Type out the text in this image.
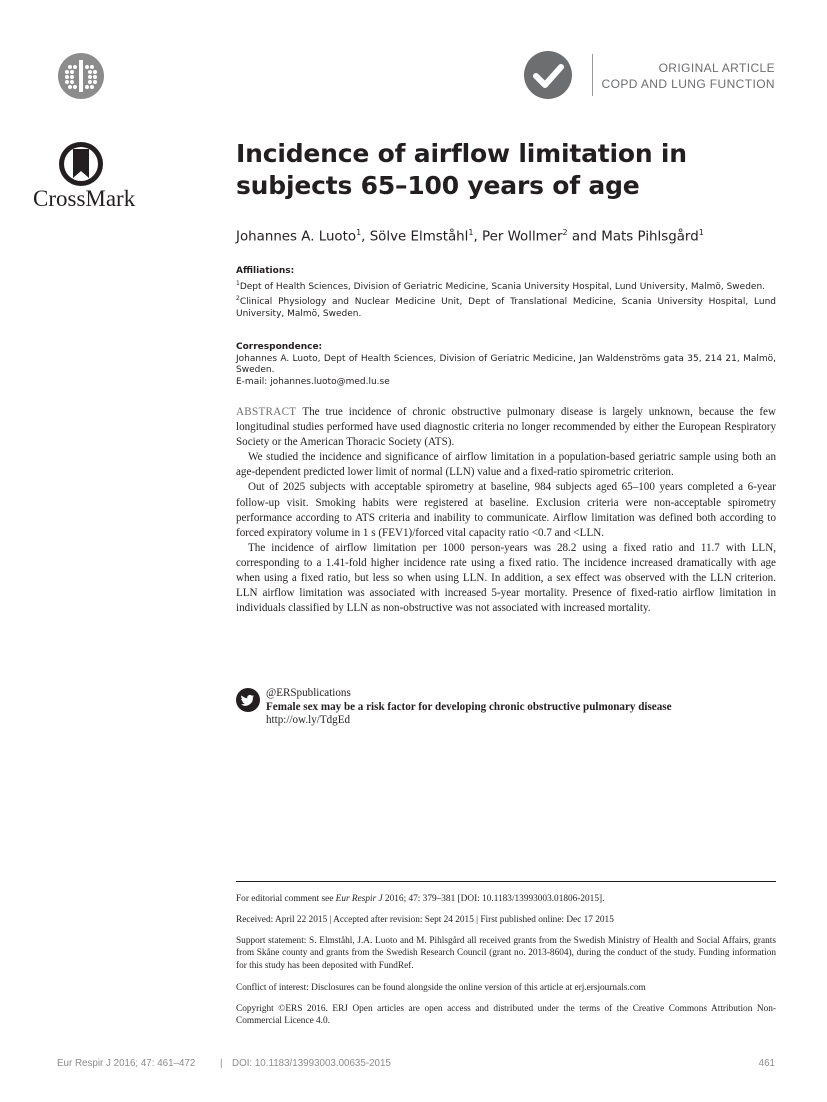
ORIGINAL ARTICLE
COPD AND LUNG FUNCTION
CrossMark
Incidence of airflow limitation in subjects 65–100 years of age
Johannes A. Luoto$^1$, Sölve Elmståhl$^1$, Per Wollmer$^2$ and Mats Pihlsgård$^1$
Affiliations:
$^1$Dept of Health Sciences, Division of Geriatric Medicine, Scania University Hospital, Lund University, Malmö, Sweden.
$^2$Clinical Physiology and Nuclear Medicine Unit, Dept of Translational Medicine, Scania University Hospital, Lund University, Malmö, Sweden.
Correspondence:
Johannes A. Luoto, Dept of Health Sciences, Division of Geriatric Medicine, Jan Waldenströms gata 35, 214 21, Malmö, Sweden.
E-mail: johannes.luoto@med.lu.se

ABSTRACT The true incidence of chronic obstructive pulmonary disease is largely unknown, because the few longitudinal studies performed have used diagnostic criteria no longer recommended by either the European Respiratory Society or the American Thoracic Society (ATS).

We studied the incidence and significance of airflow limitation in a population-based geriatric sample using both an age-dependent predicted lower limit of normal (LLN) value and a fixed-ratio spirometric criterion.

Out of 2025 subjects with acceptable spirometry at baseline, 984 subjects aged 65–100 years completed a 6-year follow-up visit. Smoking habits were registered at baseline. Exclusion criteria were non-acceptable spirometry performance according to ATS criteria and inability to communicate. Airflow limitation was defined both according to forced expiratory volume in 1 s (FEV1)/forced vital capacity ratio <0.7 and <LLN.

The incidence of airflow limitation per 1000 person-years was 28.2 using a fixed ratio and 11.7 with LLN, corresponding to a 1.41-fold higher incidence rate using a fixed ratio. The incidence increased dramatically with age when using a fixed ratio, but less so when using LLN. In addition, a sex effect was observed with the LLN criterion. LLN airflow limitation was associated with increased 5-year mortality. Presence of fixed-ratio airflow limitation in individuals classified by LLN as non-obstructive was not associated with increased mortality.

@ERSpublications
Female sex may be a risk factor for developing chronic obstructive pulmonary disease
http://ow.ly/TdgEd

For editorial comment see Eur Respir J 2016; 47: 379–381 [DOI: 10.1183/13993003.01806-2015].

Received: April 22 2015 | Accepted after revision: Sept 24 2015 | First published online: Dec 17 2015

Support statement: S. Elmståhl, J.A. Luoto and M. Pihlsgård all received grants from the Swedish Ministry of Health and Social Affairs, grants from Skåne county and grants from the Swedish Research Council (grant no. 2013-8604), during the conduct of the study. Funding information for this study has been deposited with FundRef.

Conflict of interest: Disclosures can be found alongside the online version of this article at erj.ersjournals.com

Copyright ©ERS 2016. ERJ Open articles are open access and distributed under the terms of the Creative Commons Attribution Non-Commercial Licence 4.0.

Eur Respir J 2016; 47: 461–472	| DOI: 10.1183/13993003.00635-2015	461
